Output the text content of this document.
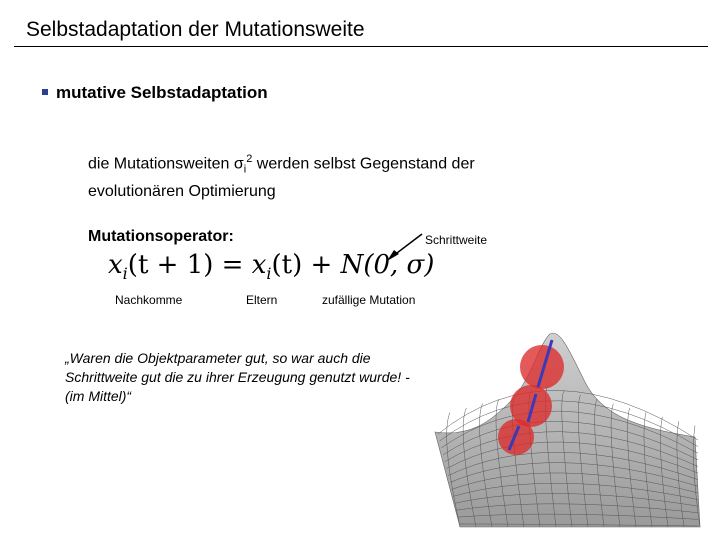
Selbstadaptation der Mutationsweite
mutative Selbstadaptation
die Mutationsweiten $\sigma_i^2$ werden selbst Gegenstand der
evolutionären Optimierung
Mutationsoperator:	Schrittweite
$x_i(t + 1) = x_i(t) + N(0$, σ)
Nachkomme	Eltern	zufällige Mutation
„Waren die Objektparameter gut, so war auch die Schrittweite gut die zu ihrer Erzeugung genutzt wurde! - (im Mittel)“
